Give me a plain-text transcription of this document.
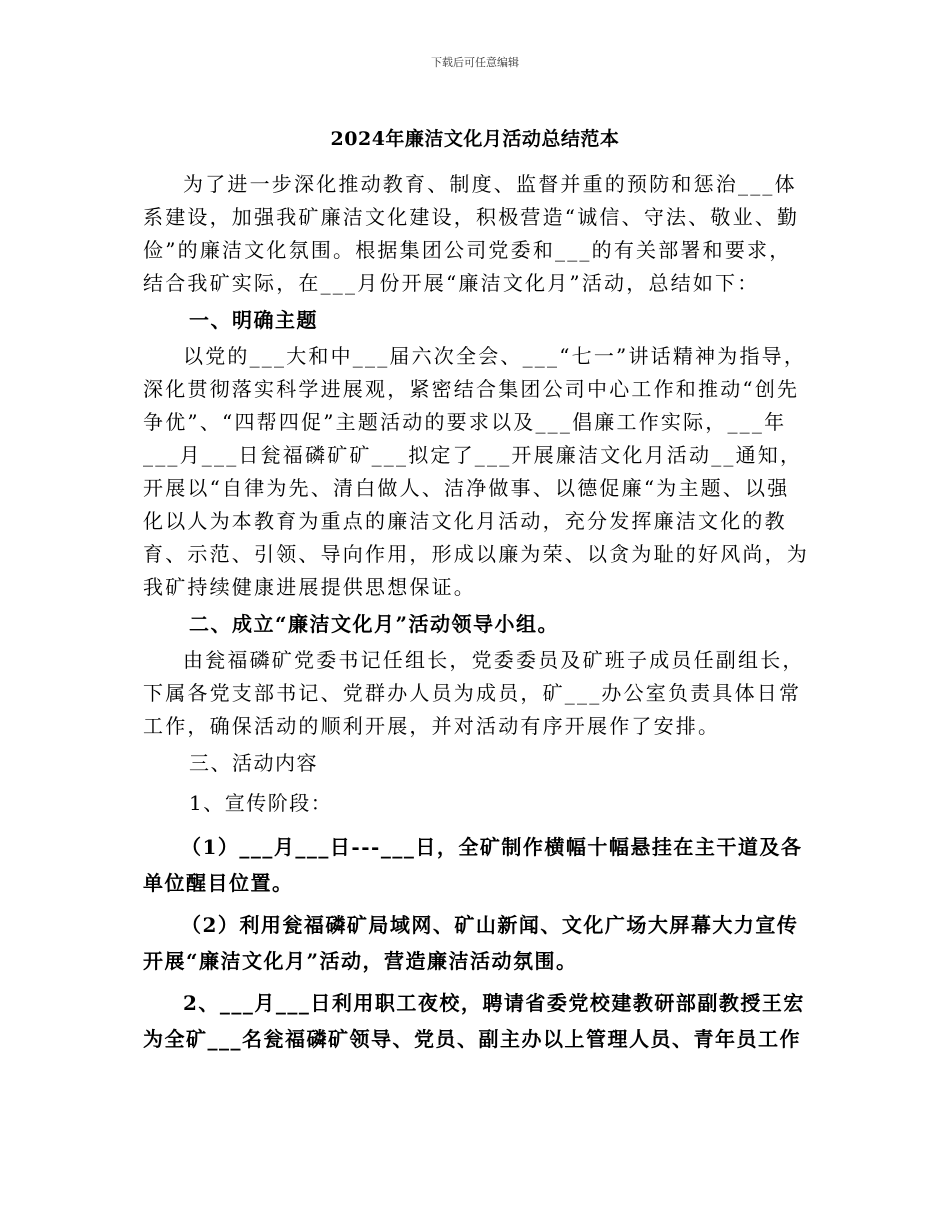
下载后可任意编辑
2024年廉洁文化月活动总结范本

为了进一步深化推动教育、制度、监督并重的预防和惩治___体系建设，加强我矿廉洁文化建设，积极营造“诚信、守法、敬业、勤俭”的廉洁文化氛围。根据集团公司党委和___的有关部署和要求，结合我矿实际，在___月份开展“廉洁文化月”活动，总结如下：

一、明确主题

以党的___大和中___届六次全会、___“七一”讲话精神为指导，深化贯彻落实科学进展观，紧密结合集团公司中心工作和推动“创先争优”、“四帮四促”主题活动的要求以及___倡廉工作实际，___年___月___日瓮福磷矿矿___拟定了___开展廉洁文化月活动__通知，开展以“自律为先、清白做人、洁净做事、以德促廉“为主题、以强化以人为本教育为重点的廉洁文化月活动，充分发挥廉洁文化的教育、示范、引领、导向作用，形成以廉为荣、以贪为耻的好风尚，为我矿持续健康进展提供思想保证。

二、成立“廉洁文化月”活动领导小组。

由瓮福磷矿党委书记任组长，党委委员及矿班子成员任副组长，下属各党支部书记、党群办人员为成员，矿___办公室负责具体日常工作，确保活动的顺利开展，并对活动有序开展作了安排。

三、活动内容

1、宣传阶段：

（1）___月___日---___日，全矿制作横幅十幅悬挂在主干道及各单位醒目位置。

（2）利用瓮福磷矿局域网、矿山新闻、文化广场大屏幕大力宣传开展“廉洁文化月”活动，营造廉洁活动氛围。

2、___月___日利用职工夜校，聘请省委党校建教研部副教授王宏为全矿___名瓮福磷矿领导、党员、副主办以上管理人员、青年员工作
